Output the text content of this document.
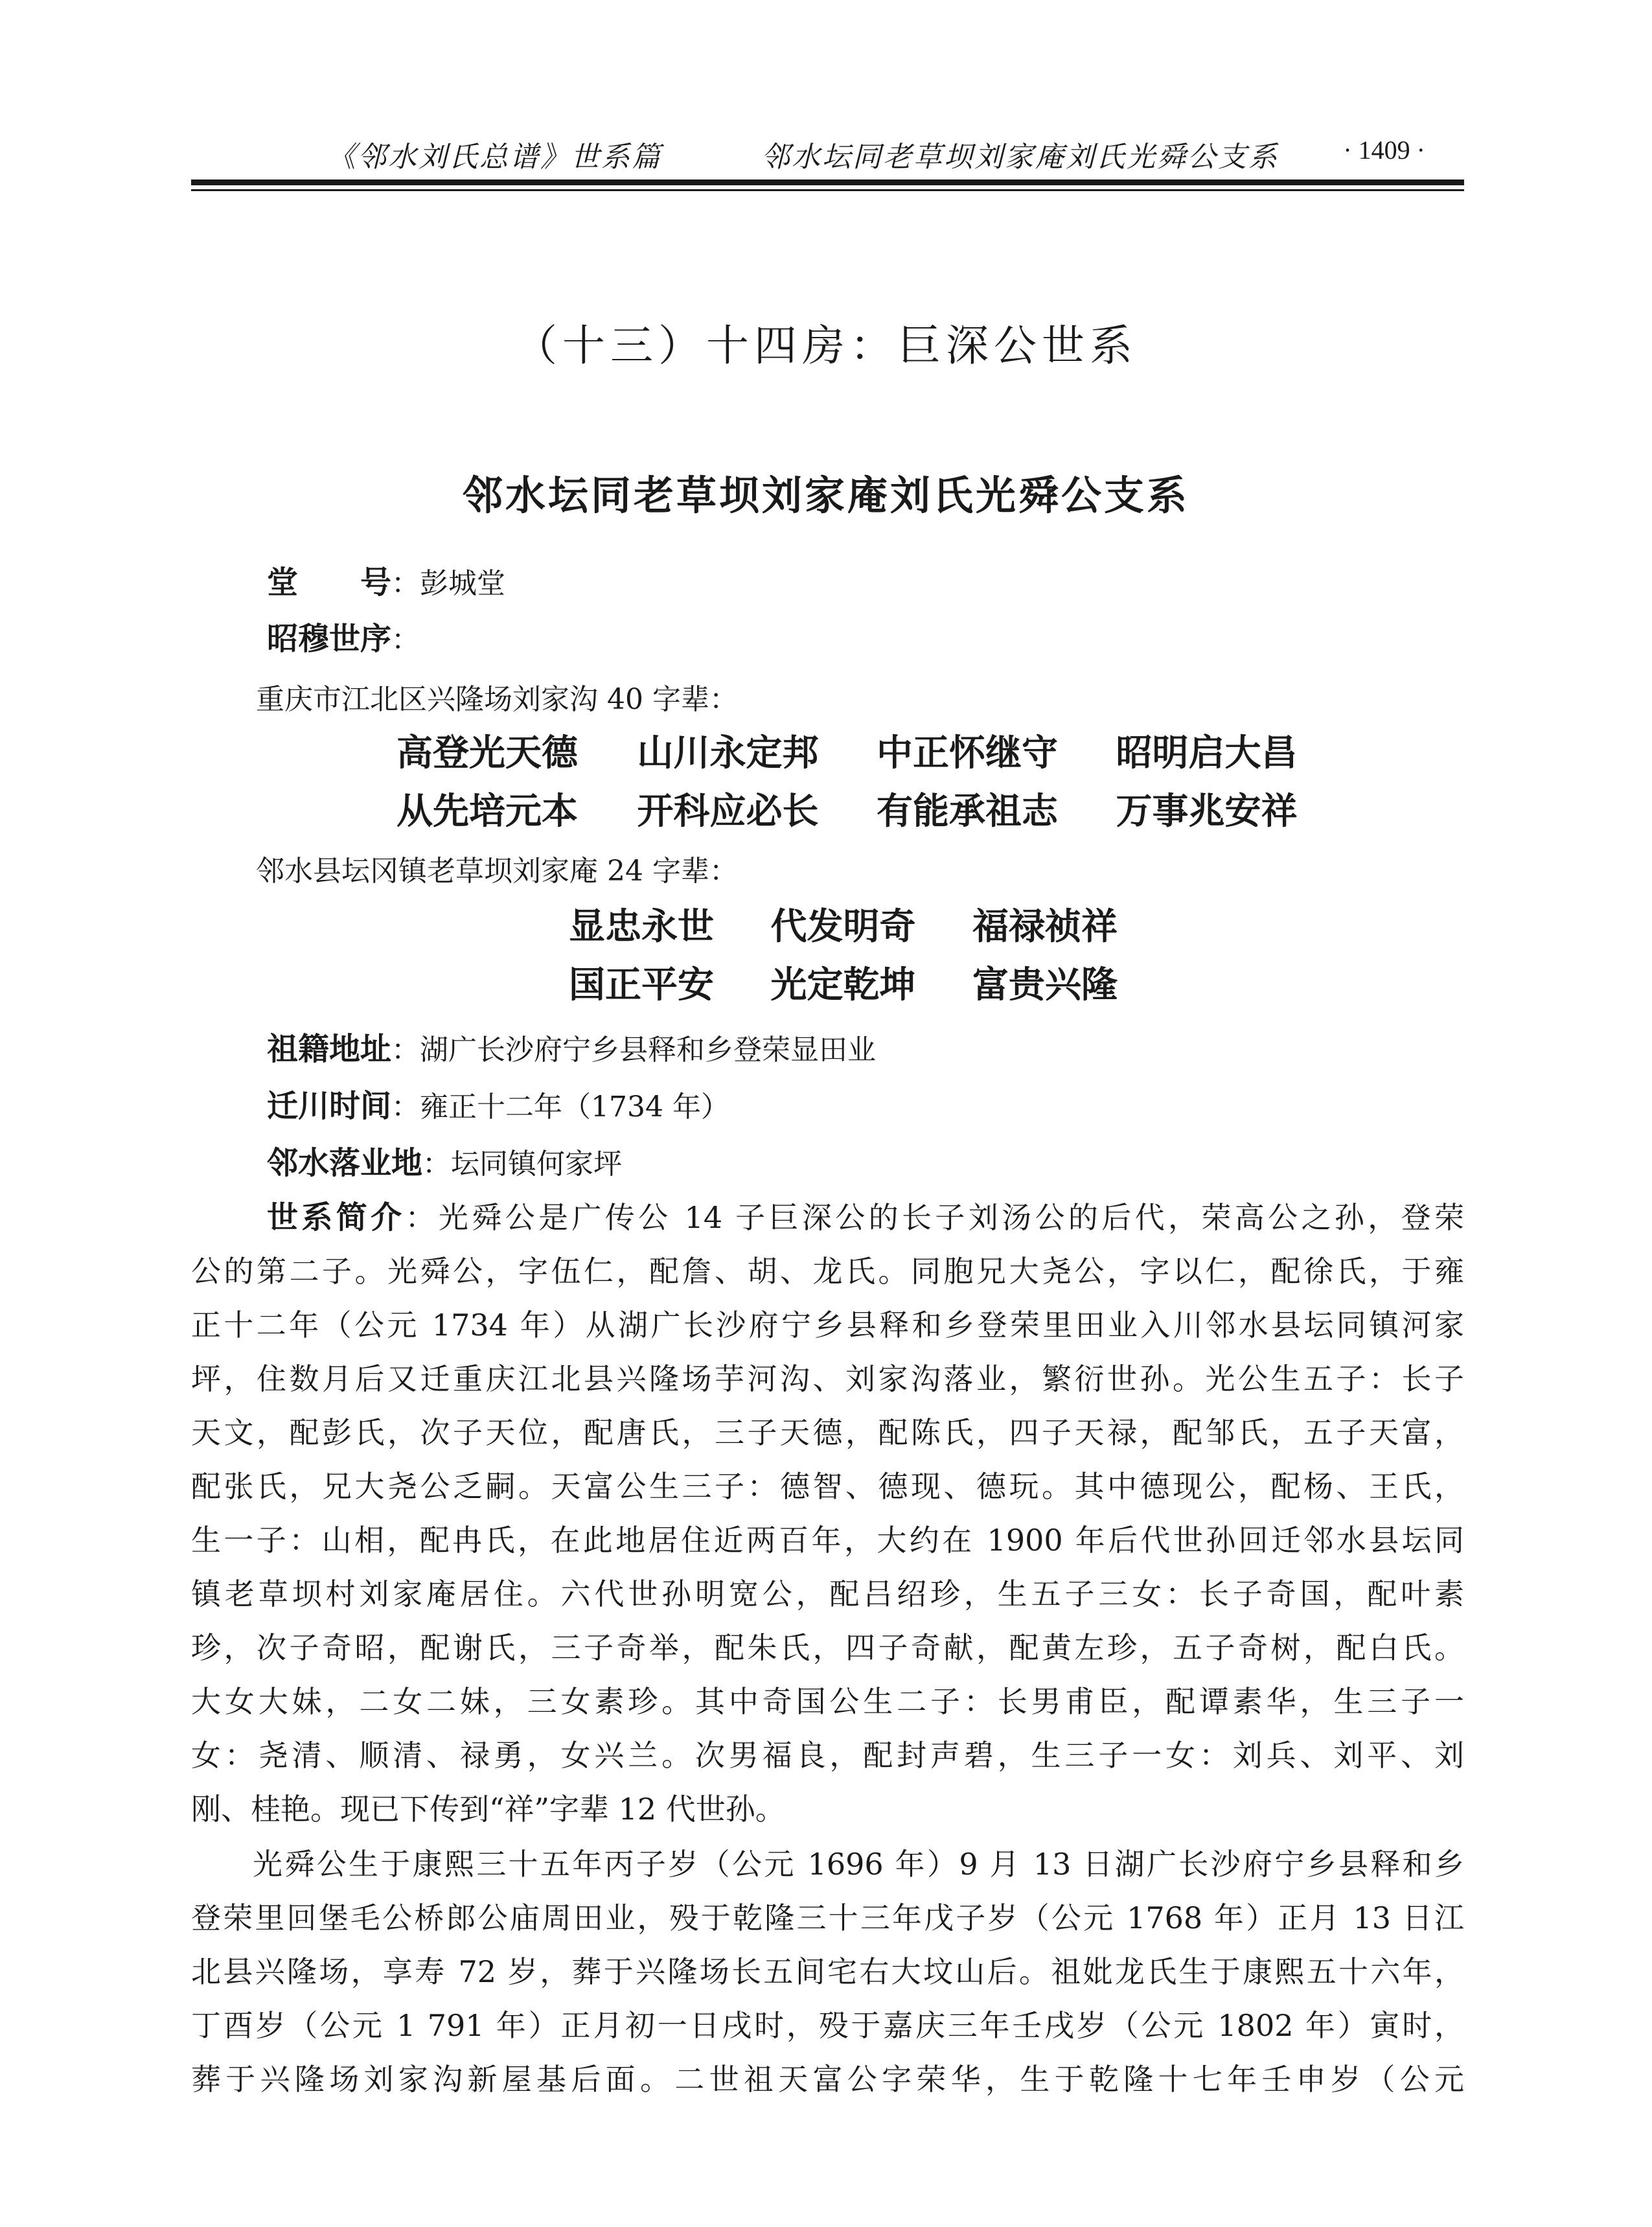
《邻水刘氏总谱》世系篇	邻水坛同老草坝刘家庵刘氏光舜公支系 · 1409 ·
（十三）十四房：巨深公世系
邻水坛同老草坝刘家庵刘氏光舜公支系
堂　　号：彭城堂
昭穆世序：
重庆市江北区兴隆场刘家沟 40 字辈：
高登光天德 山川永定邦 中正怀继守 昭明启大昌
从先培元本 开科应必长 有能承祖志 万事兆安祥
邻水县坛冈镇老草坝刘家庵 24 字辈：
显忠永世 代发明奇 福禄祯祥
国正平安 光定乾坤 富贵兴隆
祖籍地址：湖广长沙府宁乡县释和乡登荣显田业
迁川时间：雍正十二年（1734 年）
邻水落业地：坛同镇何家坪
世系简介：光舜公是广传公 14 子巨深公的长子刘汤公的后代，荣高公之孙，登荣
公的第二子。光舜公，字伍仁，配詹、胡、龙氏。同胞兄大尧公，字以仁，配徐氏，于雍
正十二年（公元 1734 年）从湖广长沙府宁乡县释和乡登荣里田业入川邻水县坛同镇河家
坪，住数月后又迁重庆江北县兴隆场芋河沟、刘家沟落业，繁衍世孙。光公生五子：长子
天文，配彭氏，次子天位，配唐氏，三子天德，配陈氏，四子天禄，配邹氏，五子天富，
配张氏，兄大尧公乏嗣。天富公生三子：德智、德现、德玩。其中德现公，配杨、王氏，
生一子：山相，配冉氏，在此地居住近两百年，大约在 1900 年后代世孙回迁邻水县坛同
镇老草坝村刘家庵居住。六代世孙明宽公，配吕绍珍，生五子三女：长子奇国，配叶素
珍，次子奇昭，配谢氏，三子奇举，配朱氏，四子奇献，配黄左珍，五子奇树，配白氏。
大女大妹，二女二妹，三女素珍。其中奇国公生二子：长男甫臣，配谭素华，生三子一
女：尧清、顺清、禄勇，女兴兰。次男福良，配封声碧，生三子一女：刘兵、刘平、刘
刚、桂艳。现已下传到“祥”字辈 12 代世孙。
光舜公生于康熙三十五年丙子岁（公元 1696 年）9 月 13 日湖广长沙府宁乡县释和乡
登荣里回堡毛公桥郎公庙周田业，殁于乾隆三十三年戊子岁（公元 1768 年）正月 13 日江
北县兴隆场，享寿 72 岁，葬于兴隆场长五间宅右大坟山后。祖妣龙氏生于康熙五十六年，
丁酉岁（公元 1 791 年）正月初一日戌时，殁于嘉庆三年壬戌岁（公元 1802 年）寅时，
葬于兴隆场刘家沟新屋基后面。二世祖天富公字荣华，生于乾隆十七年壬申岁（公元
